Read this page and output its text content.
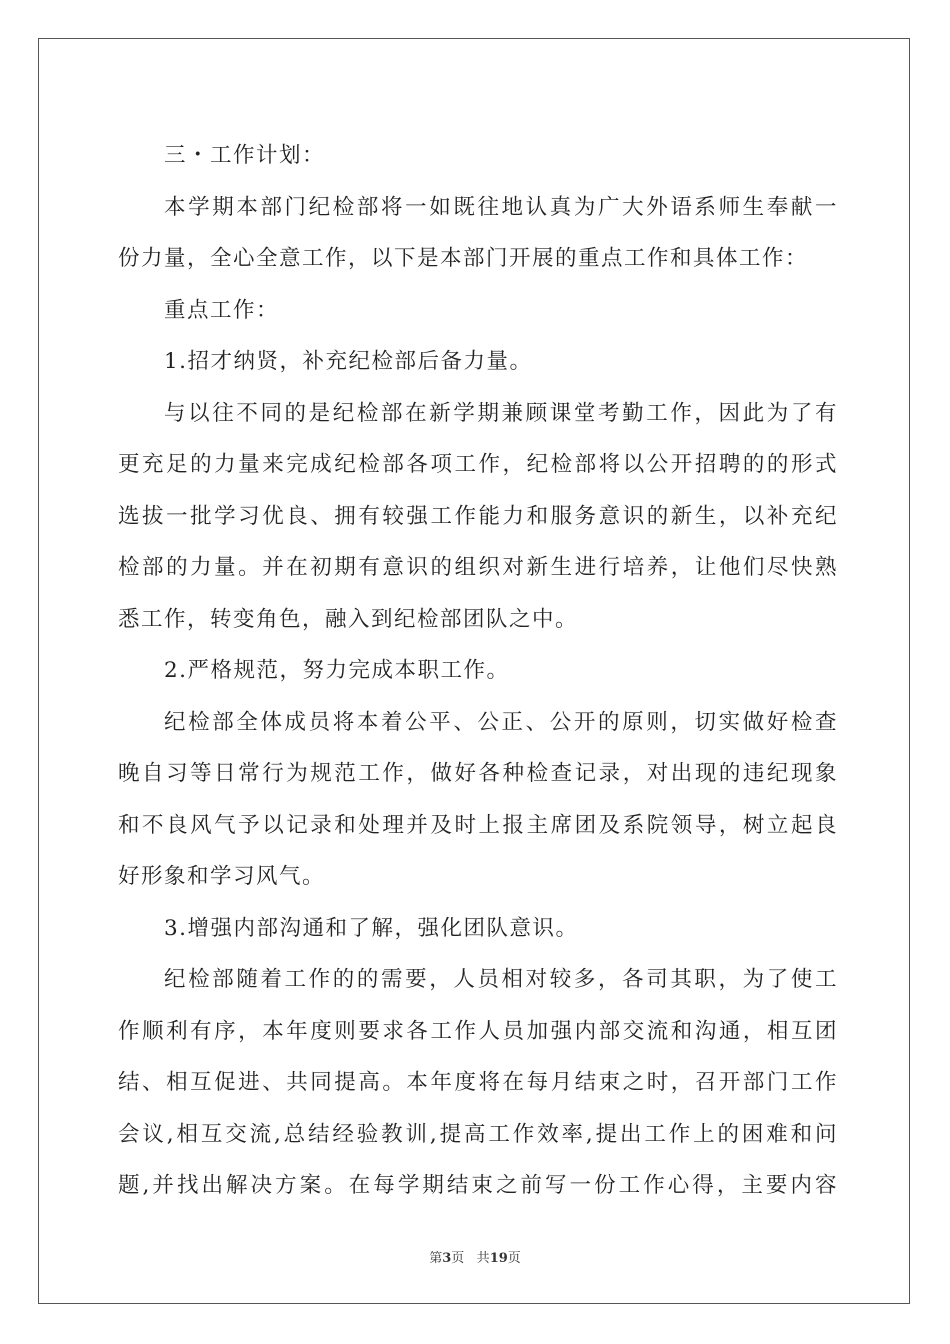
三・工作计划：
本学期本部门纪检部将一如既往地认真为广大外语系师生奉献一
份力量，全心全意工作，以下是本部门开展的重点工作和具体工作：
重点工作：
1.招才纳贤，补充纪检部后备力量。
与以往不同的是纪检部在新学期兼顾课堂考勤工作，因此为了有
更充足的力量来完成纪检部各项工作，纪检部将以公开招聘的的形式
选拔一批学习优良、拥有较强工作能力和服务意识的新生，以补充纪
检部的力量。并在初期有意识的组织对新生进行培养，让他们尽快熟
悉工作，转变角色，融入到纪检部团队之中。
2.严格规范，努力完成本职工作。
纪检部全体成员将本着公平、公正、公开的原则，切实做好检查
晚自习等日常行为规范工作，做好各种检查记录，对出现的违纪现象
和不良风气予以记录和处理并及时上报主席团及系院领导，树立起良
好形象和学习风气。
3.增强内部沟通和了解，强化团队意识。
纪检部随着工作的的需要，人员相对较多，各司其职，为了使工
作顺利有序，本年度则要求各工作人员加强内部交流和沟通，相互团
结、相互促进、共同提高。本年度将在每月结束之时，召开部门工作
会议,相互交流,总结经验教训,提高工作效率,提出工作上的困难和问
题,并找出解决方案。在每学期结束之前写一份工作心得，主要内容
第3页 共19页
